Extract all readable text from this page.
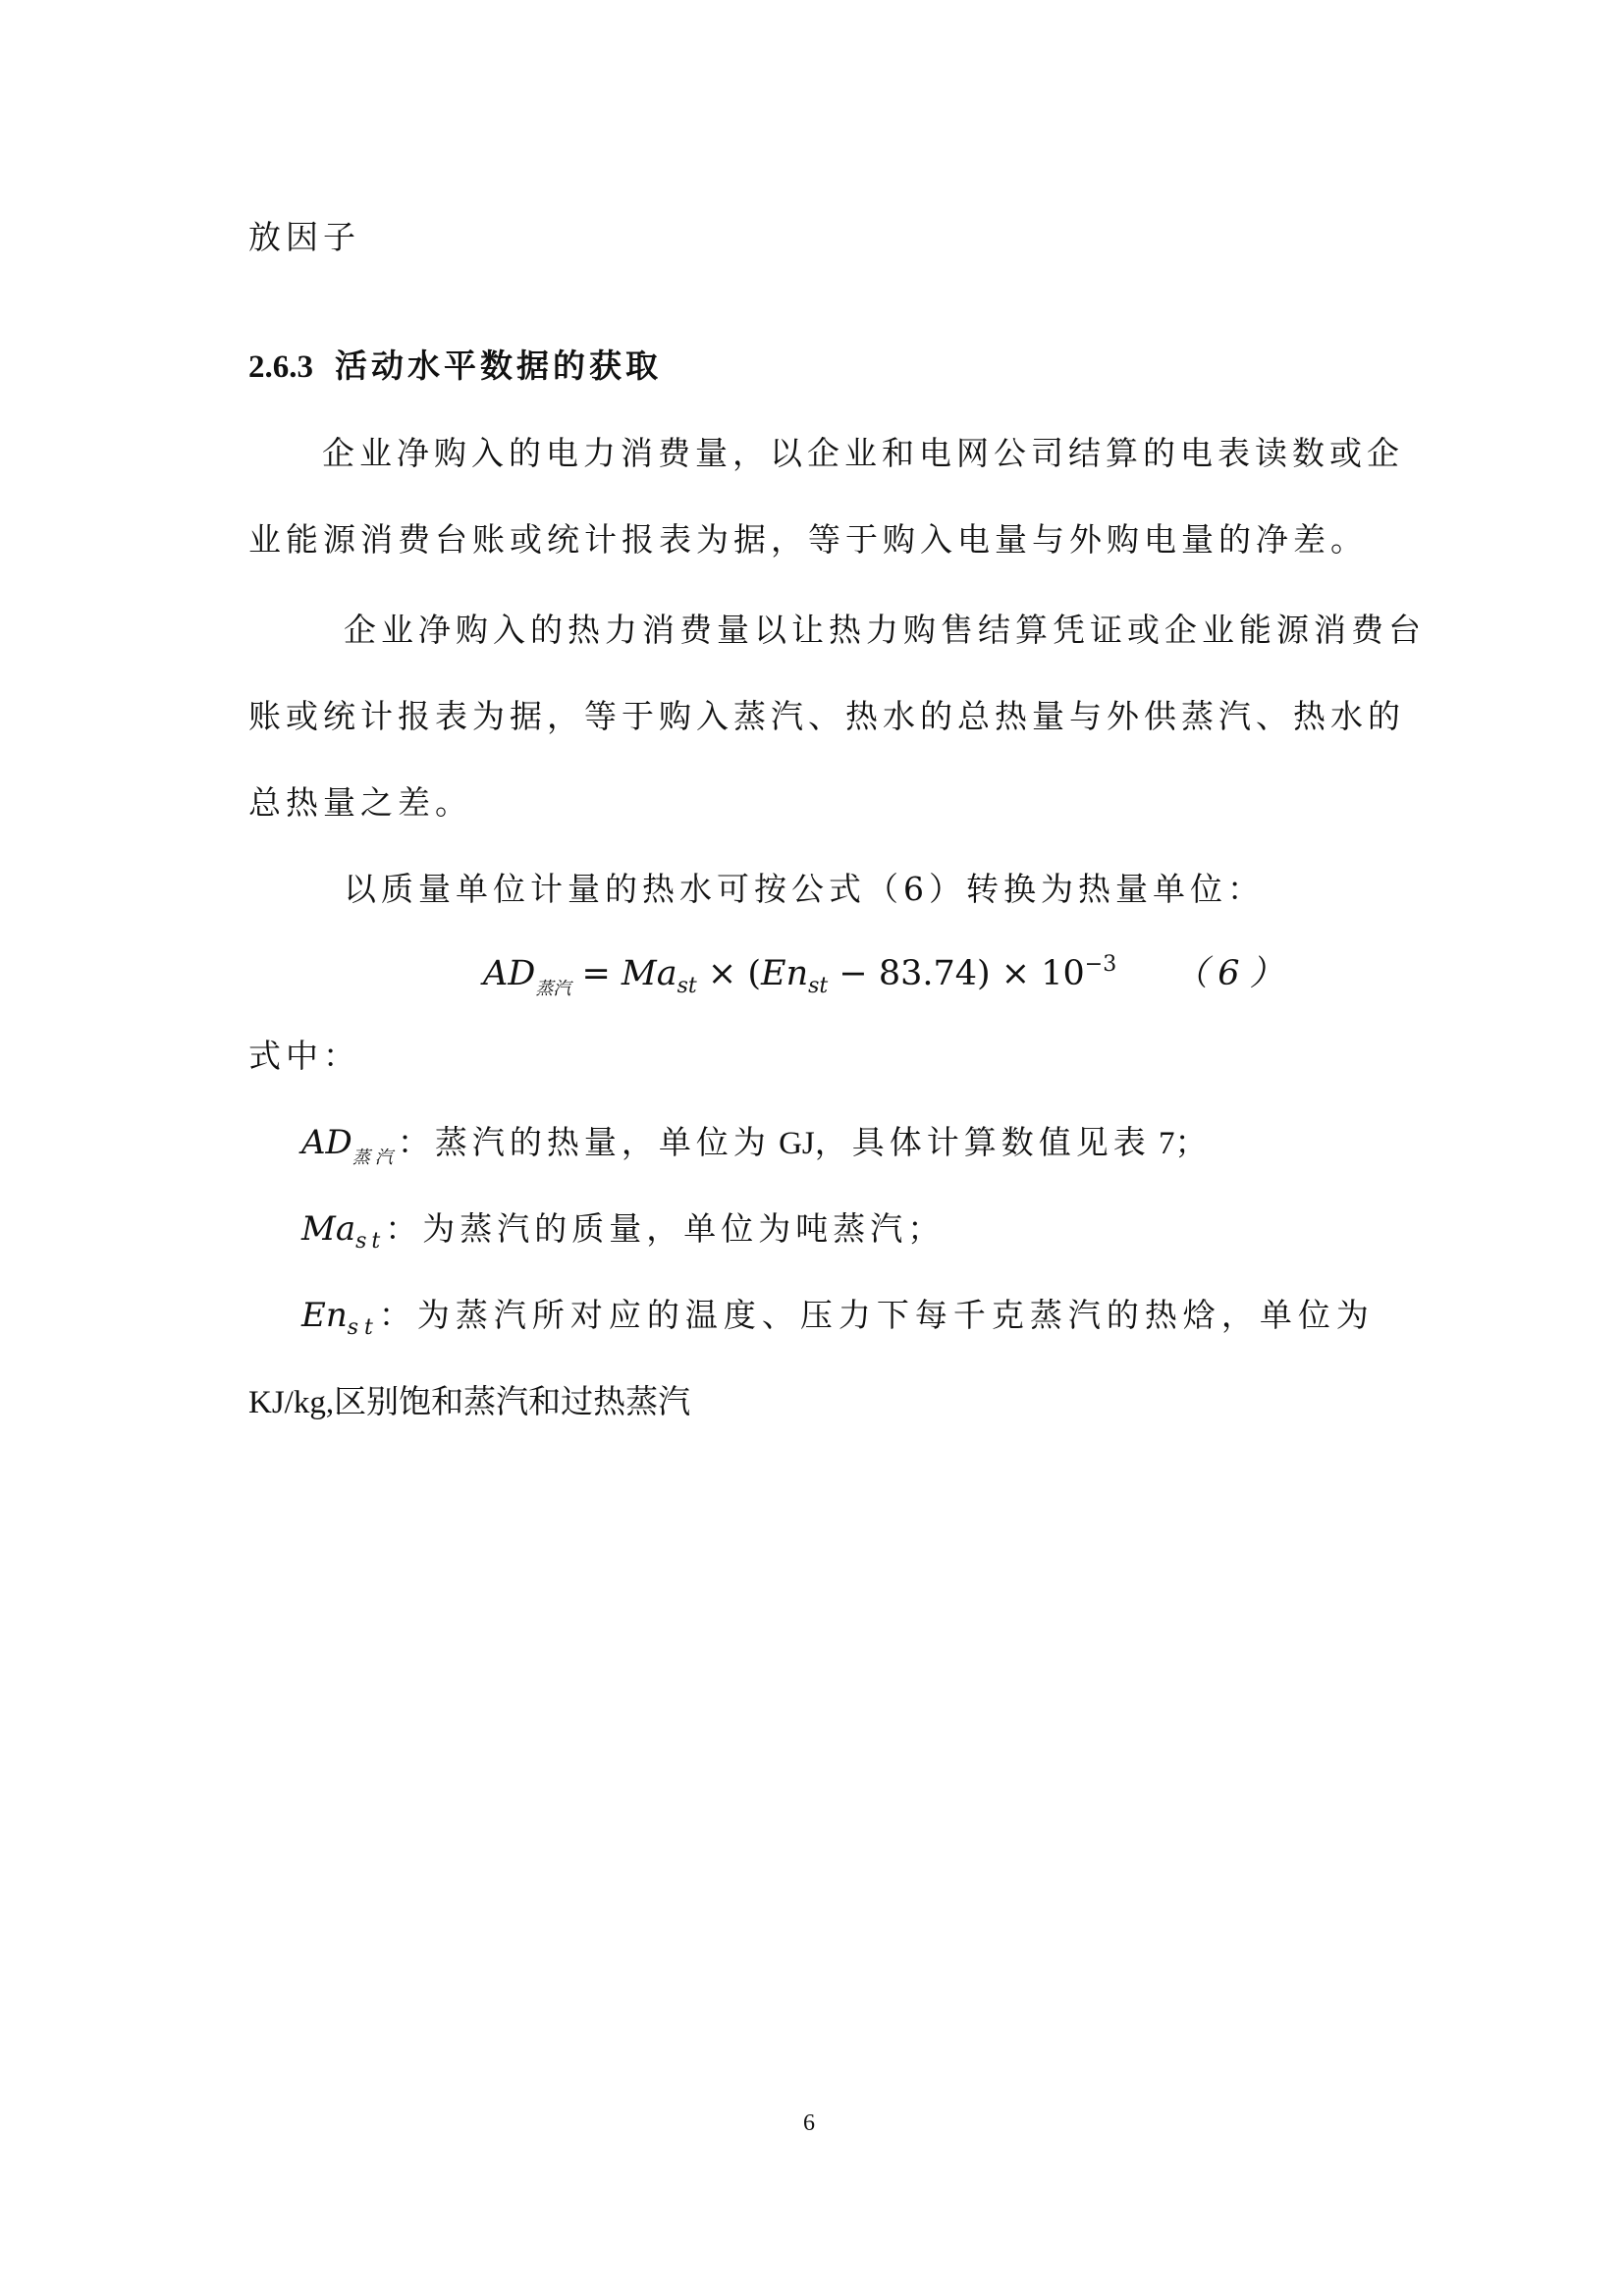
放因子
2.6.3 活动水平数据的获取
企业净购入的电力消费量，以企业和电网公司结算的电表读数或企
业能源消费台账或统计报表为据，等于购入电量与外购电量的净差。
企业净购入的热力消费量以让热力购售结算凭证或企业能源消费台
账或统计报表为据，等于购入蒸汽、热水的总热量与外供蒸汽、热水的
总热量之差。
以质量单位计量的热水可按公式（6）转换为热量单位：
$AD_{蒸汽} = Ma_{st} \times (En_{st} - 83.74) \times 10^{-3}$ （6）
式中：
$AD_{蒸汽}$：蒸汽的热量，单位为 GJ，具体计算数值见表 7；
$Ma_{st}$：为蒸汽的质量，单位为吨蒸汽；
$En_{st}$：为蒸汽所对应的温度、压力下每千克蒸汽的热焓，单位为
KJ/kg,区别饱和蒸汽和过热蒸汽
6
